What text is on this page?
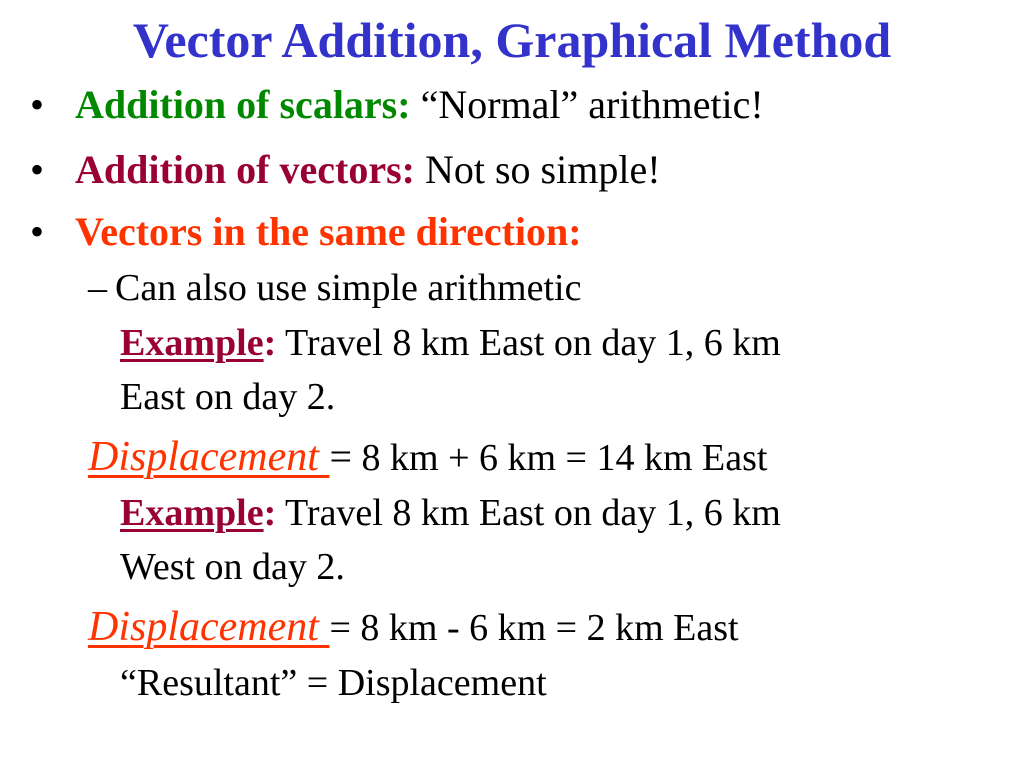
Vector Addition, Graphical Method
• Addition of scalars: “Normal” arithmetic!
• Addition of vectors: Not so simple!
• Vectors in the same direction:
– Can also use simple arithmetic
Example: Travel 8 km East on day 1, 6 km
East on day 2.
Displacement = 8 km + 6 km = 14 km East
Example: Travel 8 km East on day 1, 6 km
West on day 2.
Displacement = 8 km - 6 km = 2 km East
“Resultant” = Displacement
